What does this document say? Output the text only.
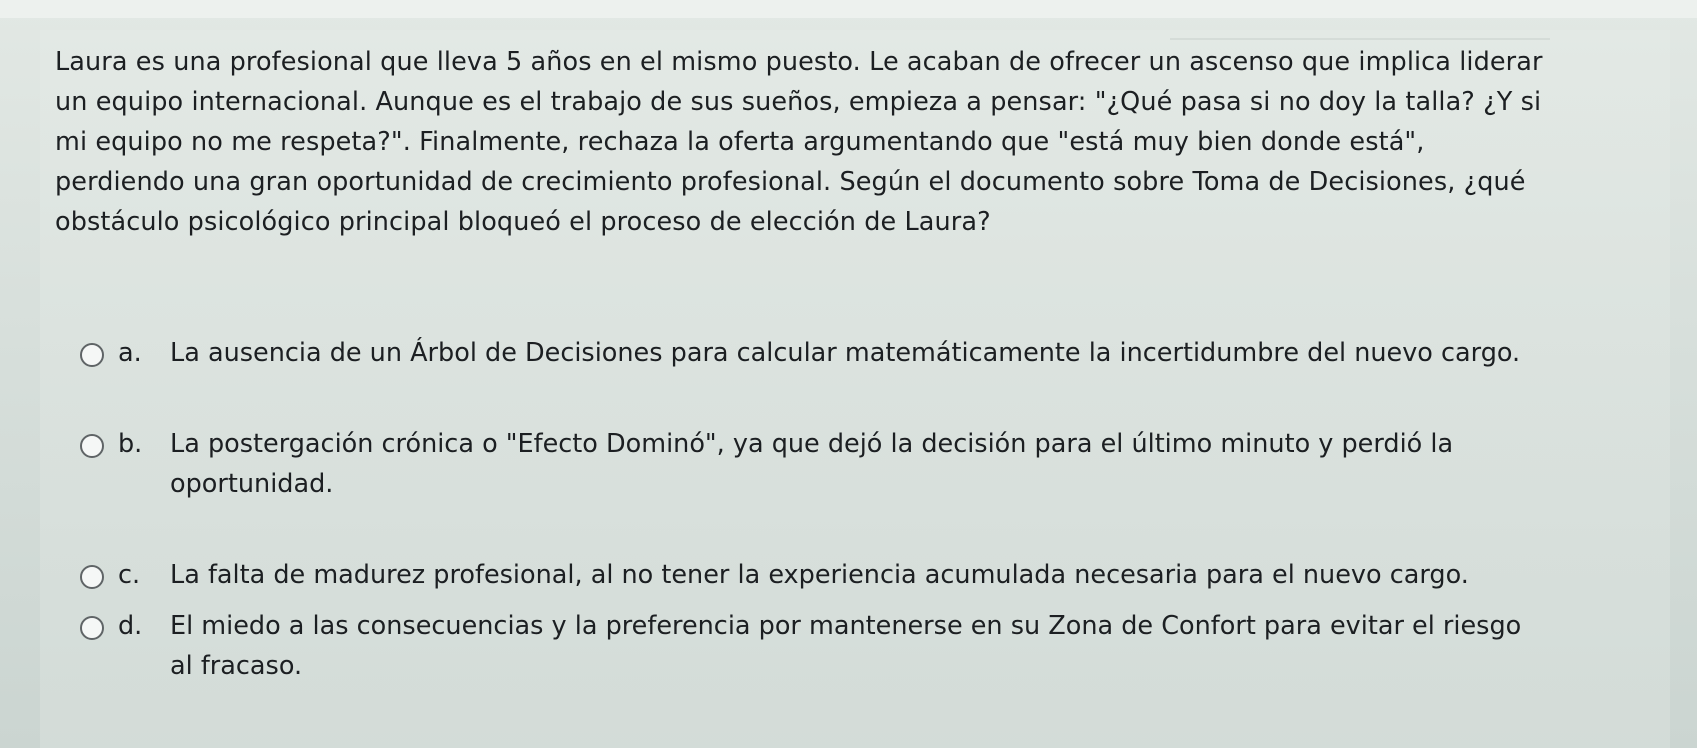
Laura es una profesional que lleva 5 años en el mismo puesto. Le acaban de ofrecer un ascenso que implica liderar
un equipo internacional. Aunque es el trabajo de sus sueños, empieza a pensar: "¿Qué pasa si no doy la talla? ¿Y si
mi equipo no me respeta?". Finalmente, rechaza la oferta argumentando que "está muy bien donde está",
perdiendo una gran oportunidad de crecimiento profesional. Según el documento sobre Toma de Decisiones, ¿qué
obstáculo psicológico principal bloqueó el proceso de elección de Laura?

a.	La ausencia de un Árbol de Decisiones para calcular matemáticamente la incertidumbre del nuevo cargo.
b.	La postergación crónica o "Efecto Dominó", ya que dejó la decisión para el último minuto y perdió la
oportunidad.
c.	La falta de madurez profesional, al no tener la experiencia acumulada necesaria para el nuevo cargo.
d.	El miedo a las consecuencias y la preferencia por mantenerse en su Zona de Confort para evitar el riesgo
al fracaso.
